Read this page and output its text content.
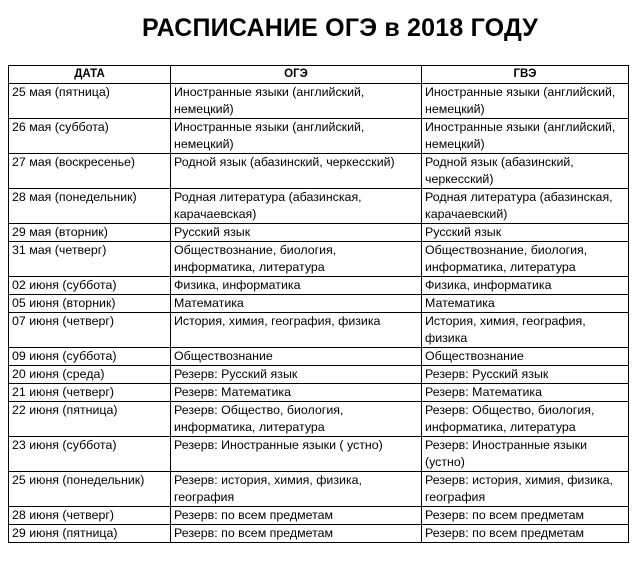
РАСПИСАНИЕ ОГЭ в 2018 ГОДУ
ДАТА	ОГЭ	ГВЭ
25 мая (пятница)	Иностранные языки (английский, немецкий)	Иностранные языки (английский, немецкий)
26 мая (суббота)	Иностранные языки (английский, немецкий)	Иностранные языки (английский, немецкий)
27 мая (воскресенье)	Родной язык (абазинский, черкесский)	Родной язык (абазинский, черкесский)
28 мая (понедельник)	Родная литература (абазинская, карачаевская)	Родная литература (абазинская, карачаевский)
29 мая (вторник)	Русский язык	Русский язык
31 мая (четверг)	Обществознание, биология, информатика, литература	Обществознание, биология, информатика, литература
02 июня (суббота)	Физика, информатика	Физика, информатика
05 июня (вторник)	Математика	Математика
07 июня (четверг)	История, химия, география, физика	История, химия, география, физика
09 июня (суббота)	Обществознание	Обществознание
20 июня (среда)	Резерв: Русский язык	Резерв: Русский язык
21 июня (четверг)	Резерв: Математика	Резерв: Математика
22 июня (пятница)	Резерв: Общество, биология, информатика, литература	Резерв: Общество, биология, информатика, литература
23 июня (суббота)	Резерв: Иностранные языки ( устно)	Резерв: Иностранные языки (устно)
25 июня (понедельник)	Резерв: история, химия, физика, география	Резерв: история, химия, физика, география
28 июня (четверг)	Резерв: по всем предметам	Резерв: по всем предметам
29 июня (пятница)	Резерв: по всем предметам	Резерв: по всем предметам
